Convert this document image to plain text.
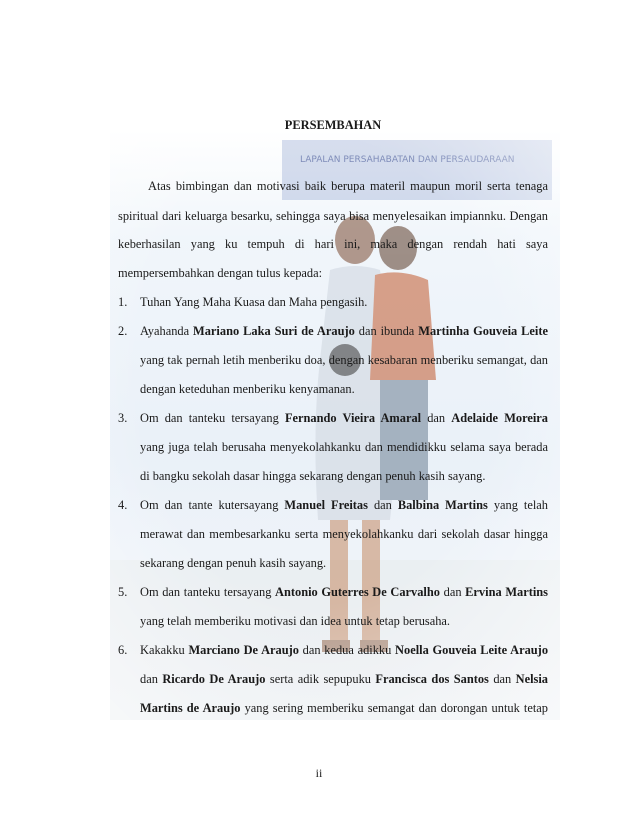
PERSEMBAHAN
Atas bimbingan dan motivasi baik berupa materil maupun moril serta tenaga
spiritual dari keluarga besarku, sehingga saya bisa menyelesaikan impiannku. Dengan
keberhasilan yang ku tempuh di hari ini, maka dengan rendah hati saya
mempersembahkan dengan tulus kepada:
1.	Tuhan Yang Maha Kuasa dan Maha pengasih.
2.	Ayahanda Mariano Laka Suri de Araujo dan ibunda Martinha Gouveia Leite
yang tak pernah letih menberiku doa, dengan kesabaran menberiku semangat, dan
dengan keteduhan menberiku kenyamanan.
3.	Om dan tanteku tersayang Fernando Vieira Amaral dan Adelaide Moreira
yang juga telah berusaha menyekolahkanku dan mendidikku selama saya berada
di bangku sekolah dasar hingga sekarang dengan penuh kasih sayang.
4.	Om dan tante kutersayang Manuel Freitas dan Balbina Martins yang telah
merawat dan membesarkanku serta menyekolahkanku dari sekolah dasar hingga
sekarang dengan penuh kasih sayang.
5.	Om dan tanteku tersayang Antonio Guterres De Carvalho dan Ervina Martins
yang telah memberiku motivasi dan idea untuk tetap berusaha.
6.	Kakakku Marciano De Araujo dan kedua adikku Noella Gouveia Leite Araujo
dan Ricardo De Araujo serta adik sepupuku Francisca dos Santos dan Nelsia
Martins de Araujo yang sering memberiku semangat dan dorongan untuk tetap
ii
